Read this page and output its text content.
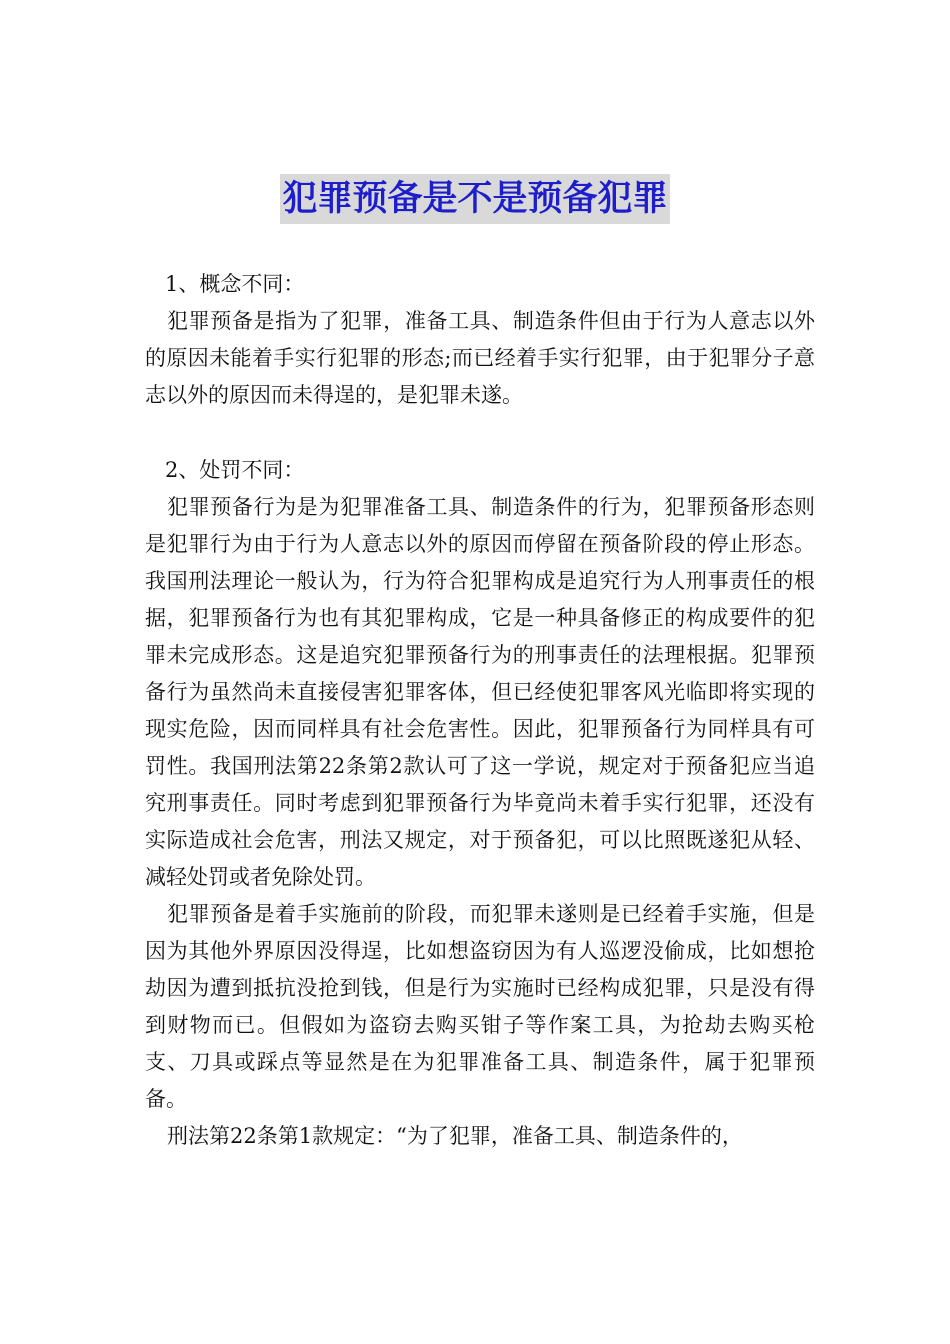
犯罪预备是不是预备犯罪

1、概念不同：

犯罪预备是指为了犯罪，准备工具、制造条件但由于行为人意志以外的原因未能着手实行犯罪的形态;而已经着手实行犯罪，由于犯罪分子意志以外的原因而未得逞的，是犯罪未遂。

2、处罚不同：

犯罪预备行为是为犯罪准备工具、制造条件的行为，犯罪预备形态则是犯罪行为由于行为人意志以外的原因而停留在预备阶段的停止形态。我国刑法理论一般认为，行为符合犯罪构成是追究行为人刑事责任的根据，犯罪预备行为也有其犯罪构成，它是一种具备修正的构成要件的犯罪未完成形态。这是追究犯罪预备行为的刑事责任的法理根据。犯罪预备行为虽然尚未直接侵害犯罪客体，但已经使犯罪客风光临即将实现的现实危险，因而同样具有社会危害性。因此，犯罪预备行为同样具有可罚性。我国刑法第22条第2款认可了这一学说，规定对于预备犯应当追究刑事责任。同时考虑到犯罪预备行为毕竟尚未着手实行犯罪，还没有实际造成社会危害，刑法又规定，对于预备犯，可以比照既遂犯从轻、减轻处罚或者免除处罚。

犯罪预备是着手实施前的阶段，而犯罪未遂则是已经着手实施，但是因为其他外界原因没得逞，比如想盗窃因为有人巡逻没偷成，比如想抢劫因为遭到抵抗没抢到钱，但是行为实施时已经构成犯罪，只是没有得到财物而已。但假如为盗窃去购买钳子等作案工具，为抢劫去购买枪支、刀具或踩点等显然是在为犯罪准备工具、制造条件，属于犯罪预备。

刑法第22条第1款规定：“为了犯罪，准备工具、制造条件的，
